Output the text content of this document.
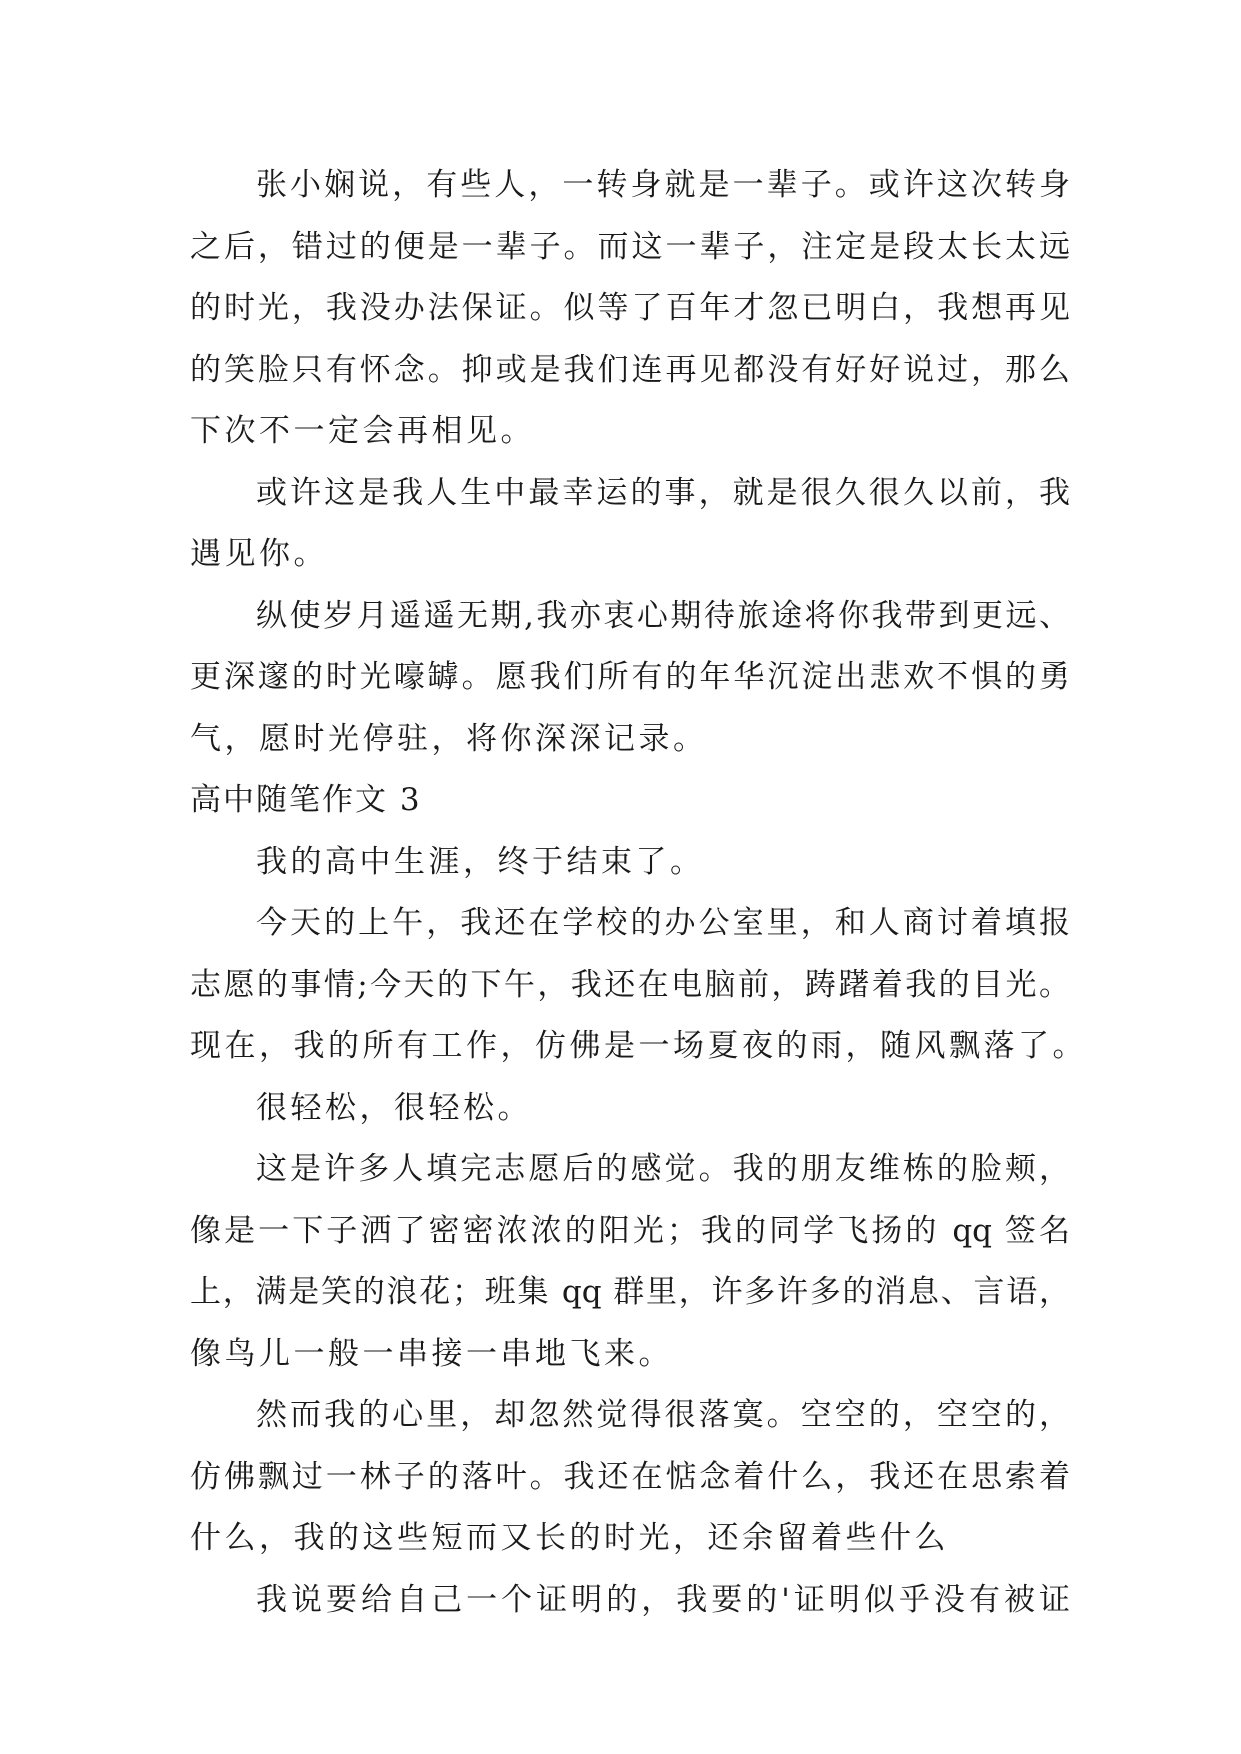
张小娴说，有些人，一转身就是一辈子。或许这次转身
之后，错过的便是一辈子。而这一辈子，注定是段太长太远
的时光，我没办法保证。似等了百年才忽已明白，我想再见
的笑脸只有怀念。抑或是我们连再见都没有好好说过，那么
下次不一定会再相见。
或许这是我人生中最幸运的事，就是很久很久以前，我
遇见你。
纵使岁月遥遥无期,我亦衷心期待旅途将你我带到更远、
更深邃的时光嚎罅。愿我们所有的年华沉淀出悲欢不惧的勇
气，愿时光停驻，将你深深记录。
高中随笔作文 3
我的高中生涯，终于结束了。
今天的上午，我还在学校的办公室里，和人商讨着填报
志愿的事情;今天的下午，我还在电脑前，踌躇着我的目光。
现在，我的所有工作，仿佛是一场夏夜的雨，随风飘落了。
很轻松，很轻松。
这是许多人填完志愿后的感觉。我的朋友维栋的脸颊，
像是一下子洒了密密浓浓的阳光；我的同学飞扬的 qq 签名
上，满是笑的浪花；班集 qq 群里，许多许多的消息、言语，
像鸟儿一般一串接一串地飞来。
然而我的心里，却忽然觉得很落寞。空空的，空空的，
仿佛飘过一林子的落叶。我还在惦念着什么，我还在思索着
什么，我的这些短而又长的时光，还余留着些什么
我说要给自己一个证明的，我要的'证明似乎没有被证
